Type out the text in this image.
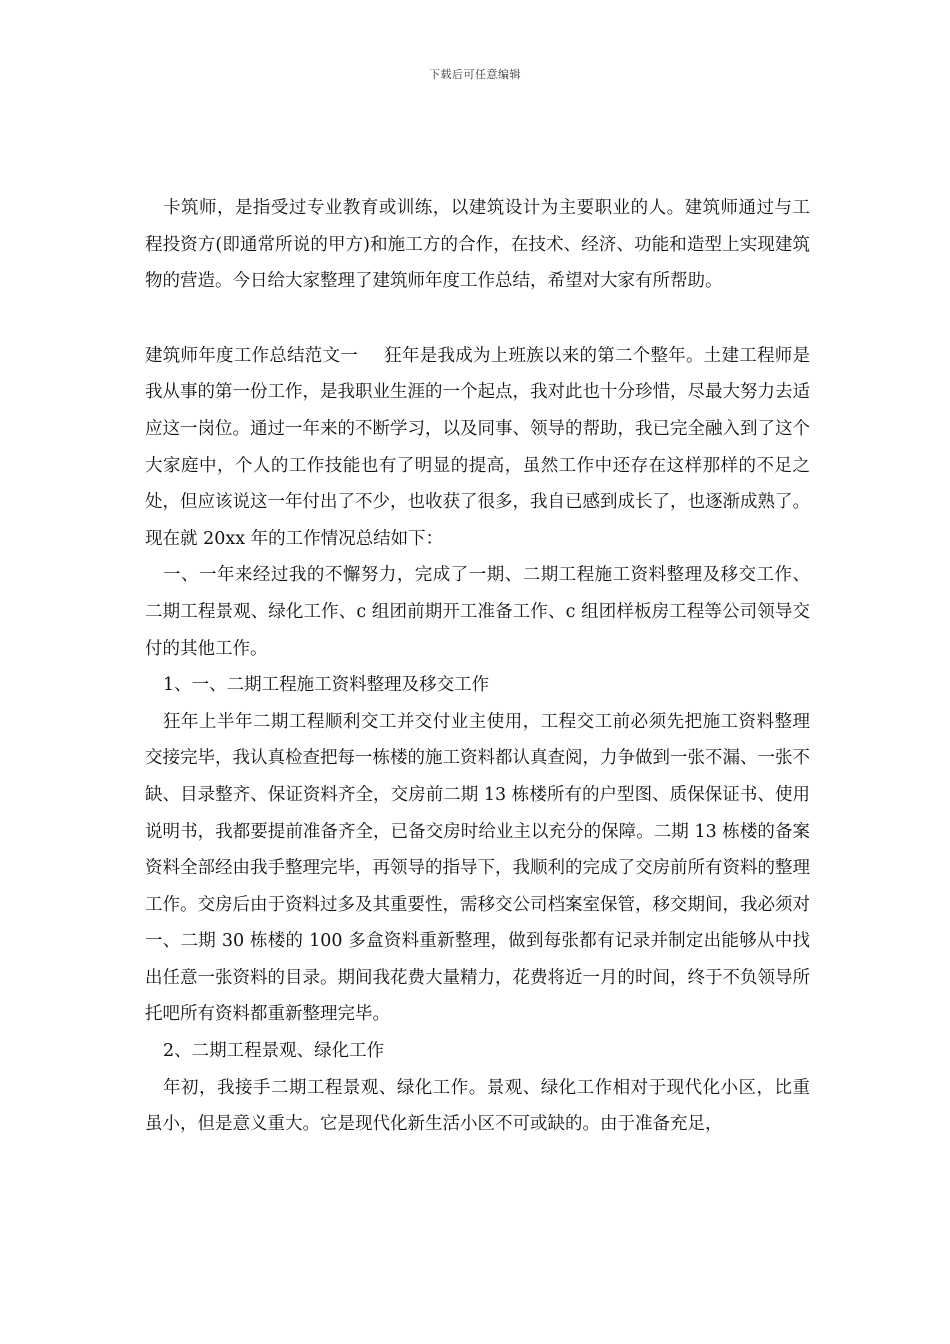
下载后可任意编辑

卡筑师，是指受过专业教育或训练，以建筑设计为主要职业的人。建筑师通过与工程投资方(即通常所说的甲方)和施工方的合作，在技术、经济、功能和造型上实现建筑物的营造。今日给大家整理了建筑师年度工作总结，希望对大家有所帮助。

建筑师年度工作总结范文一 狂年是我成为上班族以来的第二个整年。土建工程师是我从事的第一份工作，是我职业生涯的一个起点，我对此也十分珍惜，尽最大努力去适应这一岗位。通过一年来的不断学习，以及同事、领导的帮助，我已完全融入到了这个大家庭中，个人的工作技能也有了明显的提高，虽然工作中还存在这样那样的不足之处，但应该说这一年付出了不少，也收获了很多，我自已感到成长了，也逐渐成熟了。现在就 20xx 年的工作情况总结如下：

一、一年来经过我的不懈努力，完成了一期、二期工程施工资料整理及移交工作、二期工程景观、绿化工作、c 组团前期开工准备工作、c 组团样板房工程等公司领导交付的其他工作。

1、一、二期工程施工资料整理及移交工作

狂年上半年二期工程顺利交工并交付业主使用，工程交工前必须先把施工资料整理交接完毕，我认真检查把每一栋楼的施工资料都认真查阅，力争做到一张不漏、一张不缺、目录整齐、保证资料齐全，交房前二期 13 栋楼所有的户型图、质保保证书、使用说明书，我都要提前准备齐全，已备交房时给业主以充分的保障。二期 13 栋楼的备案资料全部经由我手整理完毕，再领导的指导下，我顺利的完成了交房前所有资料的整理工作。交房后由于资料过多及其重要性，需移交公司档案室保管，移交期间，我必须对一、二期 30 栋楼的 100 多盒资料重新整理，做到每张都有记录并制定出能够从中找出任意一张资料的目录。期间我花费大量精力，花费将近一月的时间，终于不负领导所托吧所有资料都重新整理完毕。

2、二期工程景观、绿化工作

年初，我接手二期工程景观、绿化工作。景观、绿化工作相对于现代化小区，比重虽小，但是意义重大。它是现代化新生活小区不可或缺的。由于准备充足，
